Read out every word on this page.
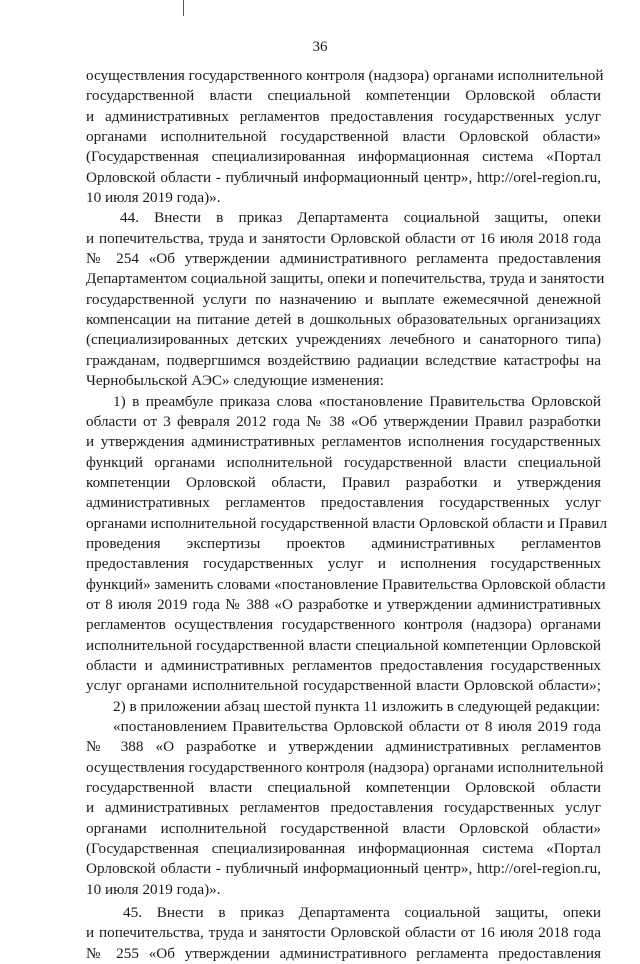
36
осуществления государственного контроля (надзора) органами исполнительной
государственной власти специальной компетенции Орловской области
и административных регламентов предоставления государственных услуг
органами исполнительной государственной власти Орловской области»
(Государственная специализированная информационная система «Портал
Орловской области - публичный информационный центр», http://orel-region.ru,
10 июля 2019 года)».
44. Внести в приказ Департамента социальной защиты, опеки
и попечительства, труда и занятости Орловской области от 16 июля 2018 года
№ 254 «Об утверждении административного регламента предоставления
Департаментом социальной защиты, опеки и попечительства, труда и занятости
государственной услуги по назначению и выплате ежемесячной денежной
компенсации на питание детей в дошкольных образовательных организациях
(специализированных детских учреждениях лечебного и санаторного типа)
гражданам, подвергшимся воздействию радиации вследствие катастрофы на
Чернобыльской АЭС» следующие изменения:
1) в преамбуле приказа слова «постановление Правительства Орловской
области от 3 февраля 2012 года № 38 «Об утверждении Правил разработки
и утверждения административных регламентов исполнения государственных
функций органами исполнительной государственной власти специальной
компетенции Орловской области, Правил разработки и утверждения
административных регламентов предоставления государственных услуг
органами исполнительной государственной власти Орловской области и Правил
проведения экспертизы проектов административных регламентов
предоставления государственных услуг и исполнения государственных
функций» заменить словами «постановление Правительства Орловской области
от 8 июля 2019 года № 388 «О разработке и утверждении административных
регламентов осуществления государственного контроля (надзора) органами
исполнительной государственной власти специальной компетенции Орловской
области и административных регламентов предоставления государственных
услуг органами исполнительной государственной власти Орловской области»;
2) в приложении абзац шестой пункта 11 изложить в следующей редакции:
«постановлением Правительства Орловской области от 8 июля 2019 года
№ 388 «О разработке и утверждении административных регламентов
осуществления государственного контроля (надзора) органами исполнительной
государственной власти специальной компетенции Орловской области
и административных регламентов предоставления государственных услуг
органами исполнительной государственной власти Орловской области»
(Государственная специализированная информационная система «Портал
Орловской области - публичный информационный центр», http://orel-region.ru,
10 июля 2019 года)».
45. Внести в приказ Департамента социальной защиты, опеки
и попечительства, труда и занятости Орловской области от 16 июля 2018 года
№ 255 «Об утверждении административного регламента предоставления
